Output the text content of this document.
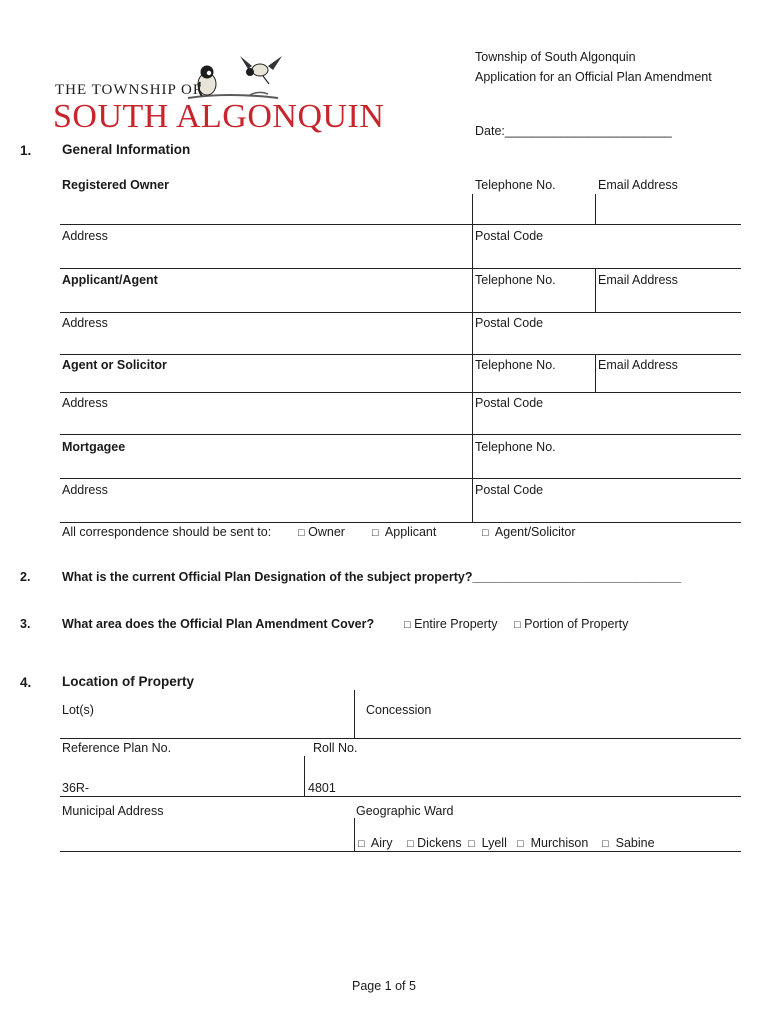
THE TOWNSHIP OF
SOUTH ALGONQUIN
Township of South Algonquin
Application for an Official Plan Amendment
Date:________________________
1. General Information
Registered Owner	Telephone No.	Email Address
Address	Postal Code
Applicant/Agent	Telephone No.	Email Address
Address	Postal Code
Agent or Solicitor	Telephone No.	Email Address
Address	Postal Code
Mortgagee	Telephone No.
Address	Postal Code
All correspondence should be sent to: □ Owner □ Applicant	□ Agent/Solicitor
2.	What is the current Official Plan Designation of the subject property?______________________________
3.	What area does the Official Plan Amendment Cover?	□ Entire Property □ Portion of Property
4. Location of Property
Lot(s)	Concession
Reference Plan No.	Roll No.
36R-	4801
Municipal Address	Geographic Ward
□ Airy □ Dickens □ Lyell □ Murchison □ Sabine
Page 1 of 5
